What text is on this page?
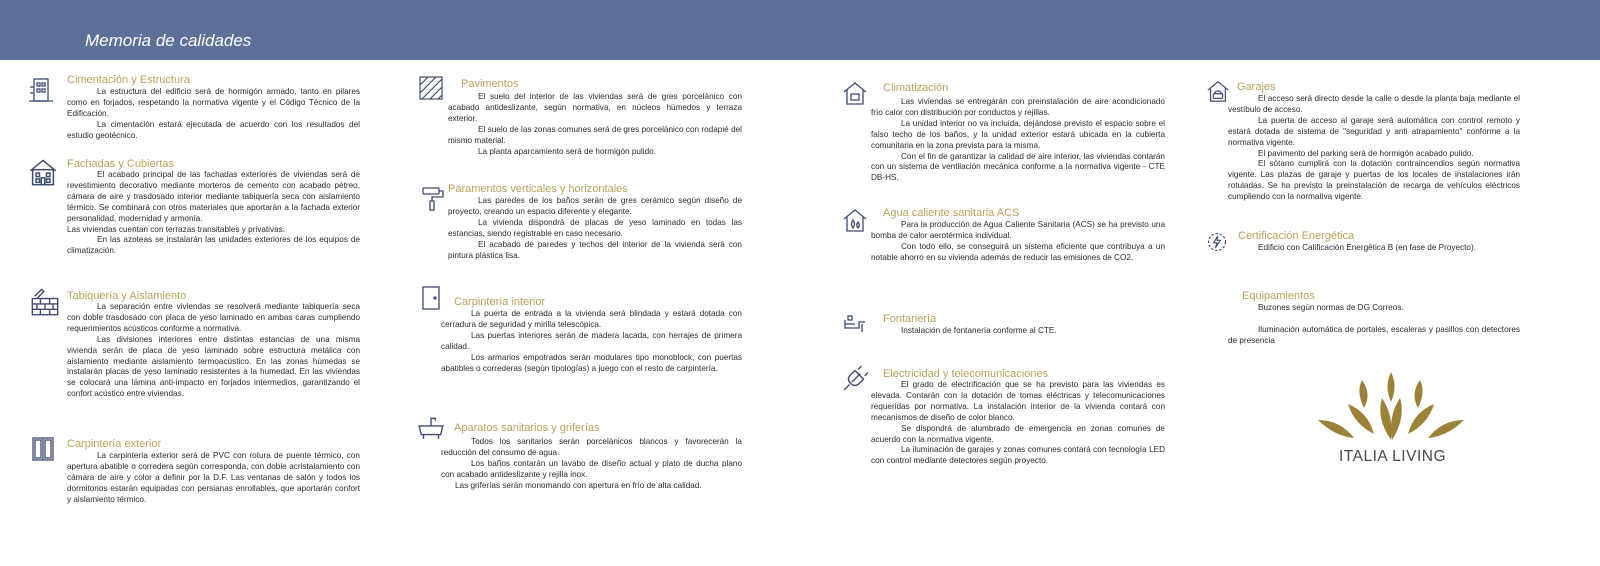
Memoria de calidades
Cimentación y Estructura

La estructura del edificio será de hormigón armado, tanto en pilares como en forjados, respetando la normativa vigente y el Código Técnico de la Edificación.

La cimentación estará ejecutada de acuerdo con los resultados del estudio geotécnico.

Fachadas y Cubiertas

El acabado principal de las fachadas exteriores de viviendas será de revestimiento decorativo mediante morteros de cemento con acabado pétreo, cámara de aire y trasdosado interior mediante tabiquería seca con aislamiento térmico. Se combinará con otros materiales que aportarán a la fachada exterior personalidad, modernidad y armonía.

Las viviendas cuentan con terrazas transitables y privativas.

En las azoteas se instalarán las unidades exteriores de los equipos de climatización.

Tabiquería y Aislamiento

La separación entre viviendas se resolverá mediante tabiquería seca con doble trasdosado con placa de yeso laminado en ambas caras cumpliendo requerimientos acústicos conforme a normativa.

Las divisiones interiores entre distintas estancias de una misma vivienda serán de placa de yeso laminado sobre estructura metálica con aislamiento mediante aislamiento termoacústico. En las zonas húmedas se instalarán placas de yeso laminado resistentes a la humedad. En las viviendas se colocará una lámina anti-impacto en forjados intermedios, garantizando el confort acústico entre viviendas.

Carpintería exterior

La carpintería exterior será de PVC con rotura de puente térmico, con apertura abatible o corredera según corresponda, con doble acristalamiento con cámara de aire y color a definir por la D.F. Las ventanas de salón y todos los dormitorios estarán equipadas con persianas enrollables, que aportarán confort y aislamiento térmico.

Pavimentos

El suelo del interior de las viviendas será de gres porcelánico con acabado antideslizante, según normativa, en núcleos húmedos y terraza exterior.

El suelo de las zonas comunes será de gres porcelánico con rodapié del mismo material.

La planta aparcamiento será de hormigón pulido.

Paramentos verticales y horizontales

Las paredes de los baños serán de gres cerámico según diseño de proyecto, creando un espacio diferente y elegante.

La vivienda dispondrá de placas de yeso laminado en todas las estancias, siendo registrable en caso necesario.

El acabado de paredes y techos del interior de la vivienda será con pintura plástica lisa.

Carpintería interior

La puerta de entrada a la vivienda será blindada y estará dotada con cerradura de seguridad y mirilla telescópica.

Las puertas interiores serán de madera lacada, con herrajes de primera calidad.

Los armarios empotrados serán modulares tipo monoblock, con puertas abatibles o correderas (según tipologías) a juego con el resto de carpintería.

Aparatos sanitarios y griferías

Todos los sanitarios serán porcelánicos blancos y favorecerán la reducción del consumo de agua.

Los baños contarán un lavabo de diseño actual y plato de ducha plano con acabado antideslizante y rejilla inox.

Las griferías serán monomando con apertura en frío de alta calidad.

Climatización

Las viviendas se entregarán con preinstalación de aire acondicionado frío calor con distribución por conductos y rejillas.

La unidad interior no va incluida, dejándose previsto el espacio sobre el falso techo de los baños, y la unidad exterior estará ubicada en la cubierta comunitaria en la zona prevista para la misma.

Con el fin de garantizar la calidad de aire interior, las viviendas contarán con un sistema de ventilación mecánica conforme a la normativa vigente - CTE DB-HS.

Agua caliente sanitaria ACS

Para la producción de Agua Caliente Sanitaria (ACS) se ha previsto una bomba de calor aerotérmica individual.

Con todo ello, se conseguirá un sistema eficiente que contribuya a un notable ahorro en su vivienda además de reducir las emisiones de CO2.

Fontanería

Instalación de fontanería conforme al CTE.

Electricidad y telecomunicaciones

El grado de electrificación que se ha previsto para las viviendas es elevada. Contarán con la dotación de tomas eléctricas y telecomunicaciones requeridas por normativa. La instalación interior de la vivienda contará con mecanismos de diseño de color blanco.

Se dispondrá de alumbrado de emergencia en zonas comunes de acuerdo con la normativa vigente.

La iluminación de garajes y zonas comunes contará con tecnología LED con control mediante detectores según proyecto.

Garajes

El acceso será directo desde la calle o desde la planta baja mediante el vestíbulo de acceso.

La puerta de acceso al garaje será automática con control remoto y estará dotada de sistema de "seguridad y anti atrapamiento" conforme a la normativa vigente.

El pavimento del parking será de hormigón acabado pulido.

El sótano cumplirá con la dotación contraincendios según normativa vigente. Las plazas de garaje y puertas de los locales de instalaciones irán rotuladas. Se ha previsto la preinstalación de recarga de vehículos eléctricos cumpliendo con la normativa vigente.

Certificación Energética

Edificio con Calificación Energética B (en fase de Proyecto).

Equipamientos

Buzones según normas de DG Correos.

Iluminación automática de portales, escaleras y pasillos con detectores de presencia

ITALIA LIVING
